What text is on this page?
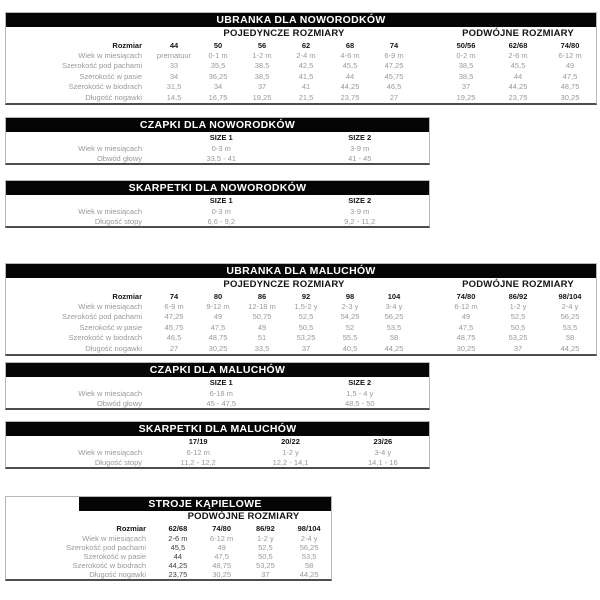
UBRANKA DLA NOWORODKÓW
POJEDYNCZE ROZMIARY	PODWÓJNE ROZMIARY
Rozmiar	44	50	56	62	68	74	50/56	62/68	74/80
Wiek w miesiącach	prematuur	0-1 m	1-2 m	2-4 m	4-6 m	6-9 m	0-2 m	2-6 m	6-12 m
Szerokość pod pachami	33	35,5	38,5	42,5	45,5	47,25	38,5	45,5	49
Szerokość w pasie	34	36,25	38,5	41,5	44	45,75	38,5	44	47,5
Szerokość w biodrach	31,5	34	37	41	44,25	46,5	37	44,25	48,75
Długość nogawki	14,5	16,75	19,25	21,5	23,75	27	19,25	23,75	30,25
CZAPKI DLA NOWORODKÓW
SIZE 1	SIZE 2
Wiek w miesiącach	0-3 m	3-9 m
Obwód głowy	33,5 - 41	41 - 45
SKARPETKI DLA NOWORODKÓW
SIZE 1	SIZE 2
Wiek w miesiącach	0-3 m	3-9 m
Długość stopy	6,6 - 9,2	9,2 - 11,2
UBRANKA DLA MALUCHÓW
POJEDYNCZE ROZMIARY	PODWÓJNE ROZMIARY
Rozmiar	74	80	86	92	98	104	74/80	86/92	98/104
Wiek w miesiącach	6-9 m	9-12 m	12-18 m	1,5-2 y	2-3 y	3-4 y	6-12 m	1-2 y	2-4 y
Szerokość pod pachami	47,25	49	50,75	52,5	54,25	56,25	49	52,5	56,25
Szerokość w pasie	45,75	47,5	49	50,5	52	53,5	47,5	50,5	53,5
Szerokość w biodrach	46,5	48,75	51	53,25	55,5	58	48,75	53,25	58
Długość nogawki	27	30,25	33,5	37	40,5	44,25	30,25	37	44,25
CZAPKI DLA MALUCHÓW
SIZE 1	SIZE 2
Wiek w miesiącach	6-18 m	1,5 - 4 y
Obwód głowy	45 - 47,5	48,5 - 50
SKARPETKI DLA MALUCHÓW
17/19	20/22	23/26
Wiek w miesiącach	6-12 m	1-2 y	3-4 y
Długość stopy	11,2 - 12,2	12,2 - 14,1	14,1 - 16
STROJE KĄPIELOWE
PODWÓJNE ROZMIARY
Rozmiar	62/68	74/80	86/92	98/104
Wiek w miesiącach	2-6 m	6-12 m	1-2 y	2-4 y
Szerokość pod pachami	45,5	49	52,5	56,25
Szerokość w pasie	44	47,5	50,5	53,5
Szerokość w biodrach	44,25	48,75	53,25	58
Długość nogawki	23,75	30,25	37	44,25
